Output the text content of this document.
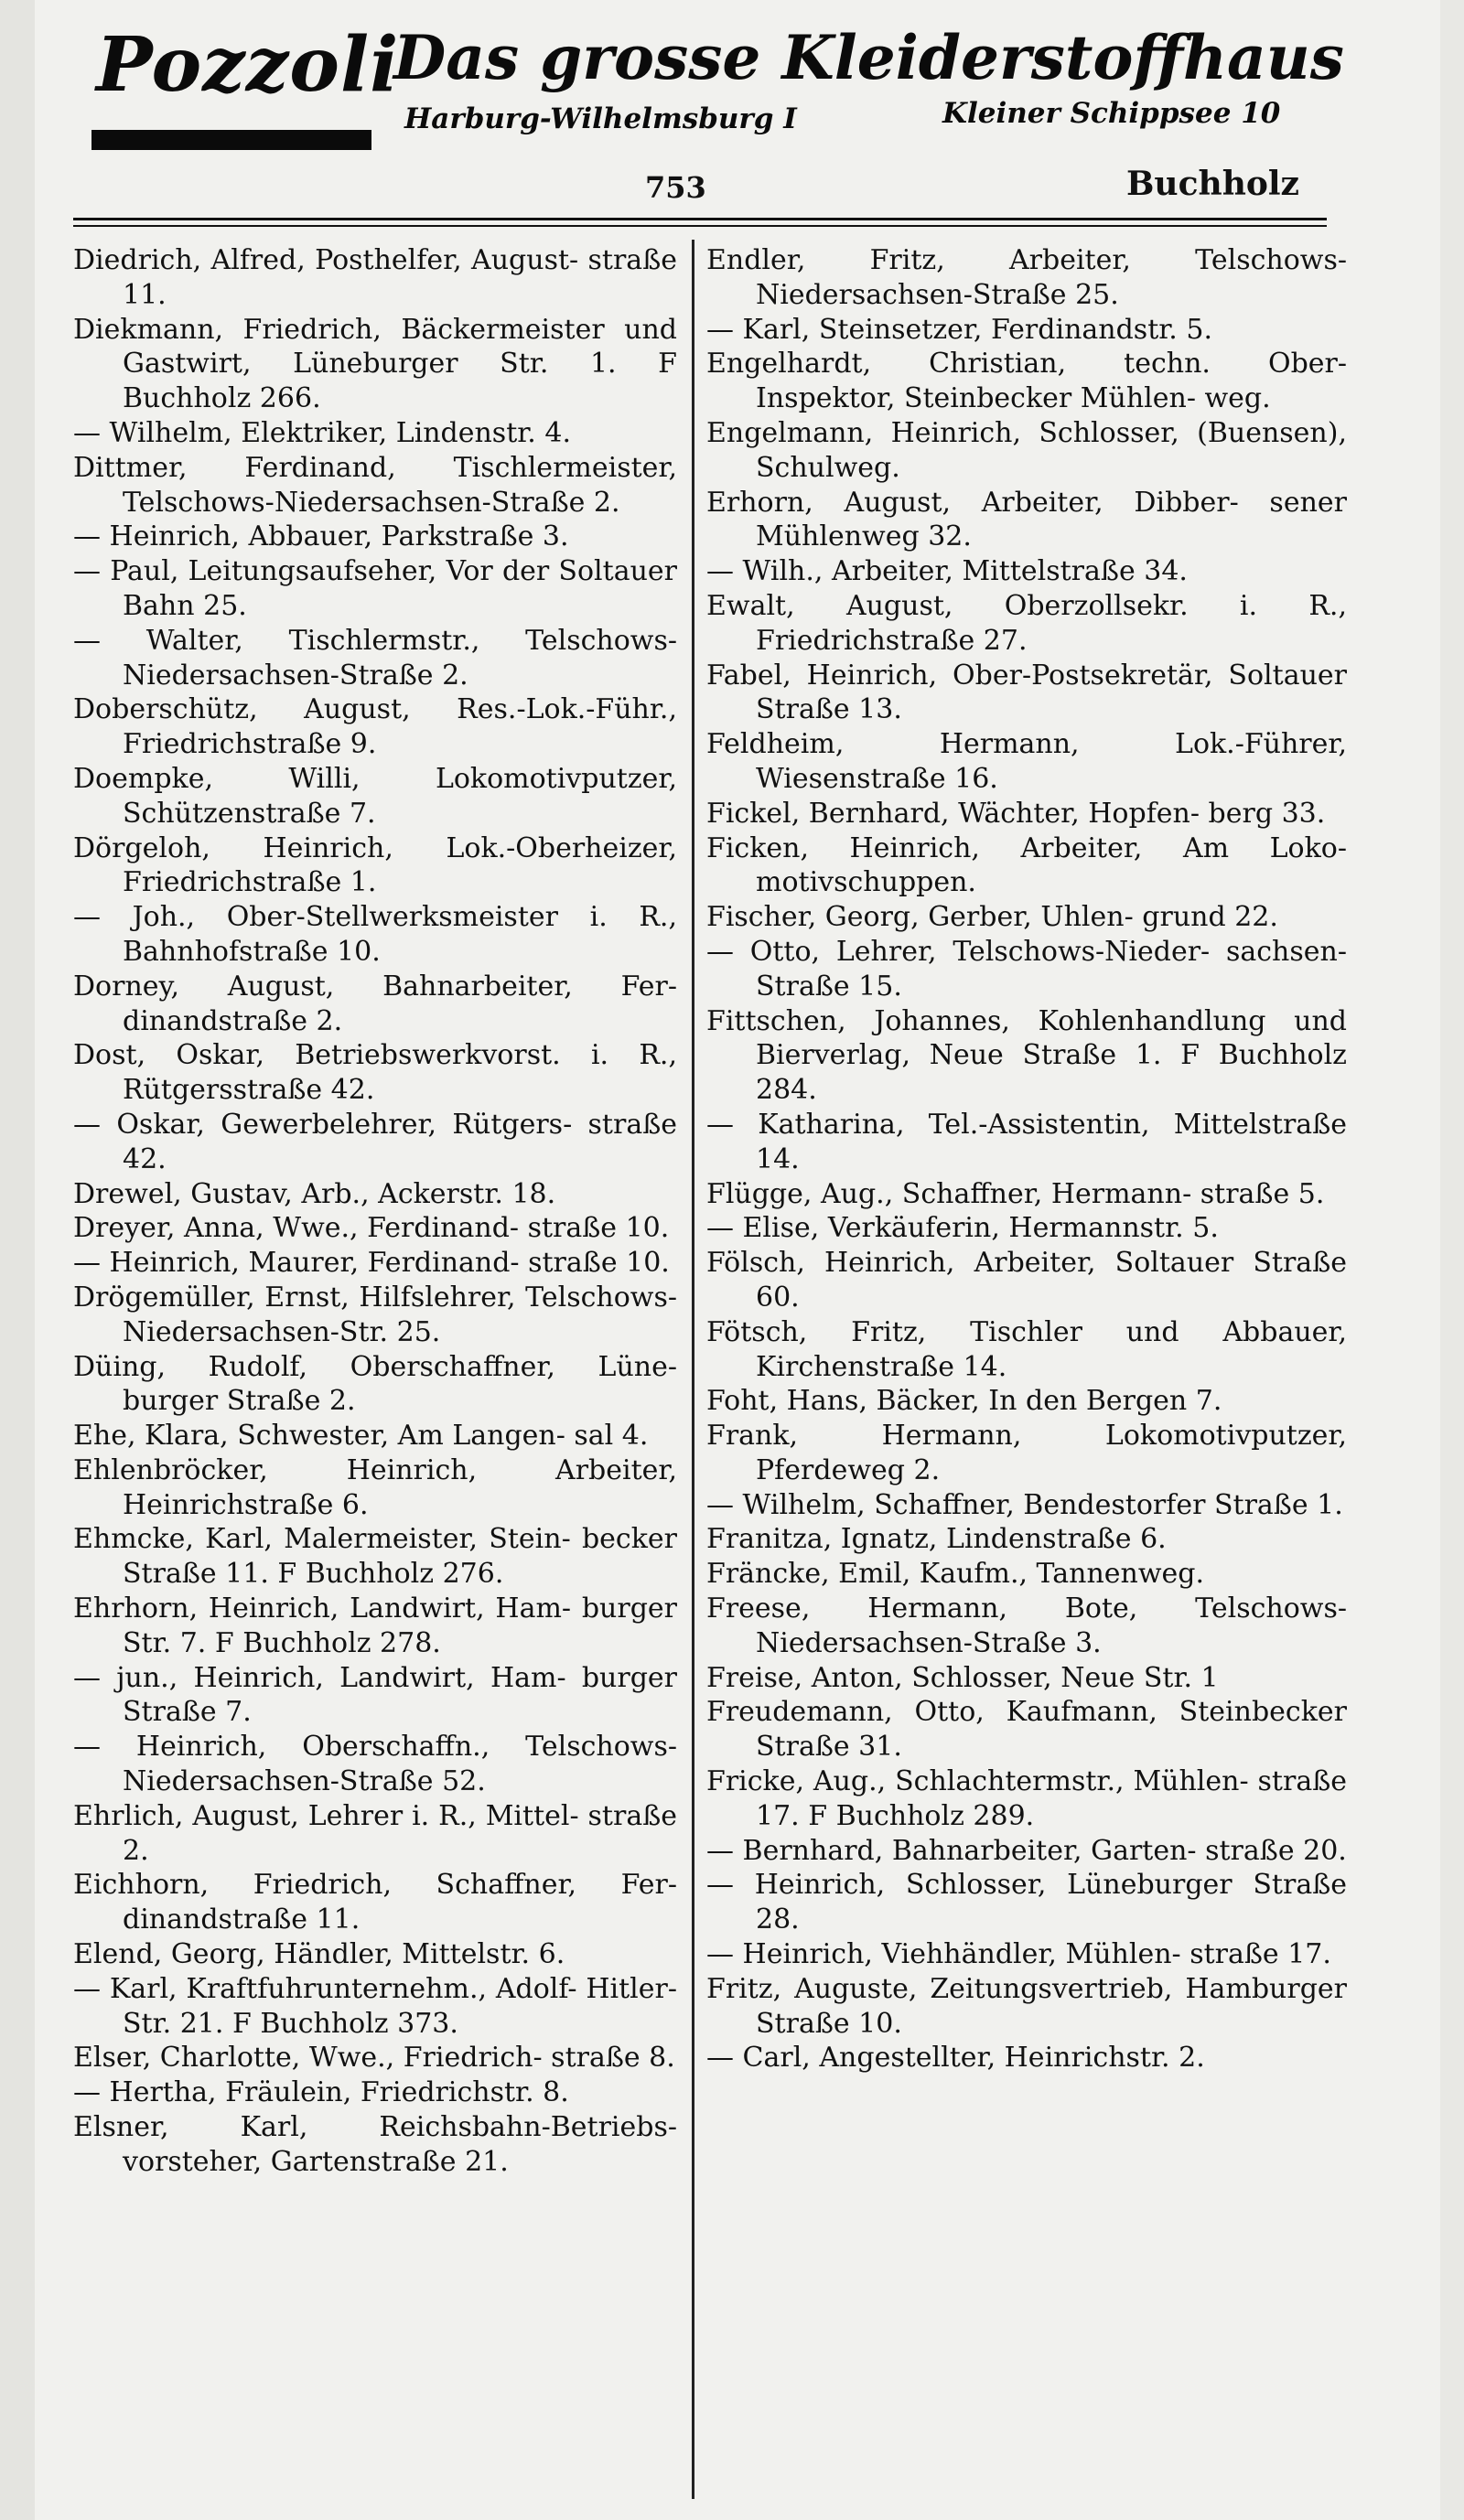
Pozzoli
Das grosse Kleiderstoffhaus
Harburg-Wilhelmsburg I	Kleiner Schippsee 10
753	Buchholz

Diedrich, Alfred, Posthelfer, August- straße 11.

Diekmann, Friedrich, Bäckermeister und Gastwirt, Lüneburger Str. 1. F Buchholz 266.

— Wilhelm, Elektriker, Lindenstr. 4.

Dittmer, Ferdinand, Tischlermeister, Telschows-Niedersachsen-Straße 2.

— Heinrich, Abbauer, Parkstraße 3.

— Paul, Leitungsaufseher, Vor der Soltauer Bahn 25.

— Walter, Tischlermstr., Telschows- Niedersachsen-Straße 2.

Doberschütz, August, Res.-Lok.-Führ., Friedrichstraße 9.

Doempke, Willi, Lokomotivputzer, Schützenstraße 7.

Dörgeloh, Heinrich, Lok.-Oberheizer, Friedrichstraße 1.

— Joh., Ober-Stellwerksmeister i. R., Bahnhofstraße 10.

Dorney, August, Bahnarbeiter, Fer- dinandstraße 2.

Dost, Oskar, Betriebswerkvorst. i. R., Rütgersstraße 42.

— Oskar, Gewerbelehrer, Rütgers- straße 42.

Drewel, Gustav, Arb., Ackerstr. 18.

Dreyer, Anna, Wwe., Ferdinand- straße 10.

— Heinrich, Maurer, Ferdinand- straße 10.

Drögemüller, Ernst, Hilfslehrer, Telschows-Niedersachsen-Str. 25.

Düing, Rudolf, Oberschaffner, Lüne- burger Straße 2.

Ehe, Klara, Schwester, Am Langen- sal 4.

Ehlenbröcker, Heinrich, Arbeiter, Heinrichstraße 6.

Ehmcke, Karl, Malermeister, Stein- becker Straße 11. F Buchholz 276.

Ehrhorn, Heinrich, Landwirt, Ham- burger Str. 7. F Buchholz 278.

— jun., Heinrich, Landwirt, Ham- burger Straße 7.

— Heinrich, Oberschaffn., Telschows- Niedersachsen-Straße 52.

Ehrlich, August, Lehrer i. R., Mittel- straße 2.

Eichhorn, Friedrich, Schaffner, Fer- dinandstraße 11.

Elend, Georg, Händler, Mittelstr. 6.

— Karl, Kraftfuhrunternehm., Adolf- Hitler-Str. 21. F Buchholz 373.

Elser, Charlotte, Wwe., Friedrich- straße 8.

— Hertha, Fräulein, Friedrichstr. 8.

Elsner, Karl, Reichsbahn-Betriebs- vorsteher, Gartenstraße 21.

Endler, Fritz, Arbeiter, Telschows- Niedersachsen-Straße 25.

— Karl, Steinsetzer, Ferdinandstr. 5.

Engelhardt, Christian, techn. Ober- Inspektor, Steinbecker Mühlen- weg.

Engelmann, Heinrich, Schlosser, (Buensen), Schulweg.

Erhorn, August, Arbeiter, Dibber- sener Mühlenweg 32.

— Wilh., Arbeiter, Mittelstraße 34.

Ewalt, August, Oberzollsekr. i. R., Friedrichstraße 27.

Fabel, Heinrich, Ober-Postsekretär, Soltauer Straße 13.

Feldheim, Hermann, Lok.-Führer, Wiesenstraße 16.

Fickel, Bernhard, Wächter, Hopfen- berg 33.

Ficken, Heinrich, Arbeiter, Am Loko- motivschuppen.

Fischer, Georg, Gerber, Uhlen- grund 22.

— Otto, Lehrer, Telschows-Nieder- sachsen-Straße 15.

Fittschen, Johannes, Kohlenhandlung und Bierverlag, Neue Straße 1. F Buchholz 284.

— Katharina, Tel.-Assistentin, Mittelstraße 14.

Flügge, Aug., Schaffner, Hermann- straße 5.

— Elise, Verkäuferin, Hermannstr. 5.

Fölsch, Heinrich, Arbeiter, Soltauer Straße 60.

Fötsch, Fritz, Tischler und Abbauer, Kirchenstraße 14.

Foht, Hans, Bäcker, In den Bergen 7.

Frank, Hermann, Lokomotivputzer, Pferdeweg 2.

— Wilhelm, Schaffner, Bendestorfer Straße 1.

Franitza, Ignatz, Lindenstraße 6.

Fräncke, Emil, Kaufm., Tannenweg.

Freese, Hermann, Bote, Telschows- Niedersachsen-Straße 3.

Freise, Anton, Schlosser, Neue Str. 1

Freudemann, Otto, Kaufmann, Steinbecker Straße 31.

Fricke, Aug., Schlachtermstr., Mühlen- straße 17. F Buchholz 289.

— Bernhard, Bahnarbeiter, Garten- straße 20.

— Heinrich, Schlosser, Lüneburger Straße 28.

— Heinrich, Viehhändler, Mühlen- straße 17.

Fritz, Auguste, Zeitungsvertrieb, Hamburger Straße 10.

— Carl, Angestellter, Heinrichstr. 2.
